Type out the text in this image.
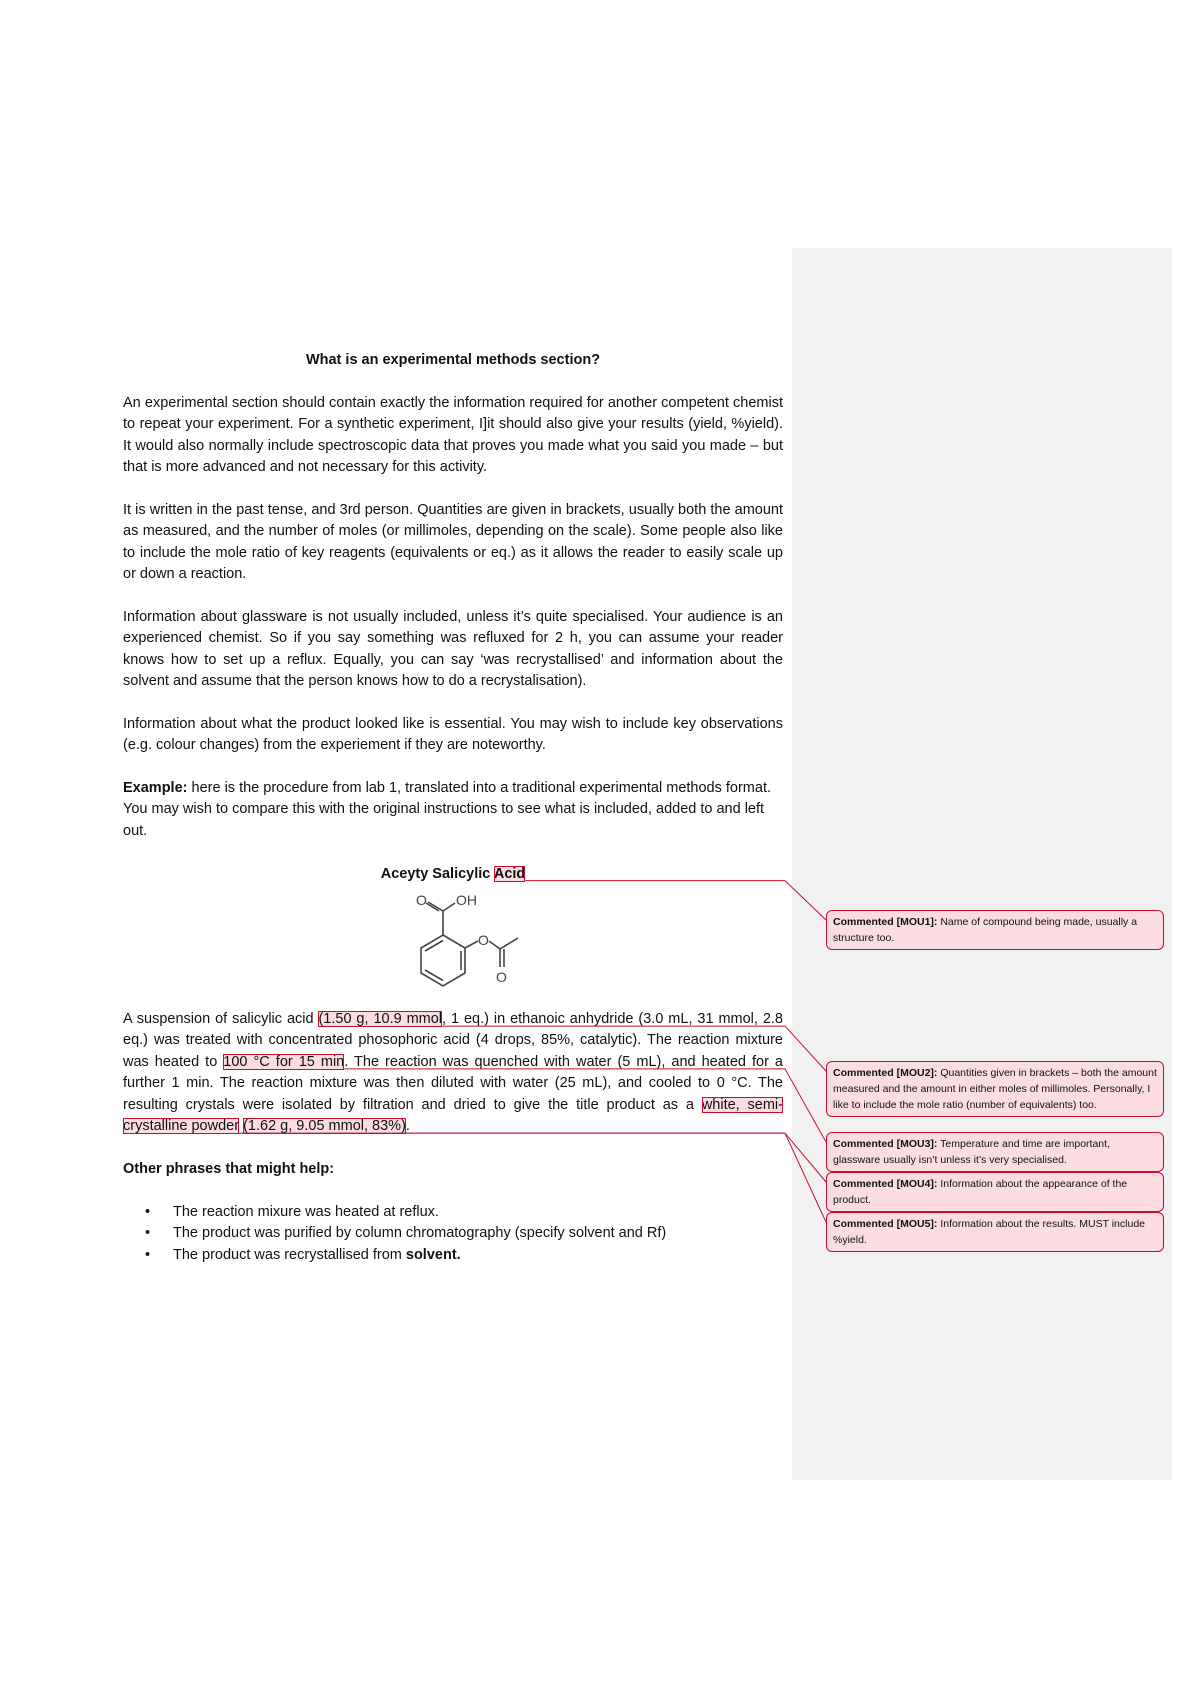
What is an experimental methods section?

An experimental section should contain exactly the information required for another competent chemist to repeat your experiment. For a synthetic experiment, I]it should also give your results (yield, %yield). It would also normally include spectroscopic data that proves you made what you said you made – but that is more advanced and not necessary for this activity.

It is written in the past tense, and 3rd person. Quantities are given in brackets, usually both the amount as measured, and the number of moles (or millimoles, depending on the scale). Some people also like to include the mole ratio of key reagents (equivalents or eq.) as it allows the reader to easily scale up or down a reaction.

Information about glassware is not usually included, unless it’s quite specialised. Your audience is an experienced chemist. So if you say something was refluxed for 2 h, you can assume your reader knows how to set up a reflux. Equally, you can say ‘was recrystallised’ and information about the solvent and assume that the person knows how to do a recrystalisation).

Information about what the product looked like is essential. You may wish to include key observations (e.g. colour changes) from the experiement if they are noteworthy.

Example: here is the procedure from lab 1, translated into a traditional experimental methods format. You may wish to compare this with the original instructions to see what is included, added to and left out.

Aceyty Salicylic Acid
O OH
O
O

A suspension of salicylic acid (1.50 g, 10.9 mmol, 1 eq.) in ethanoic anhydride (3.0 mL, 31 mmol, 2.8 eq.) was treated with concentrated phosophoric acid (4 drops, 85%, catalytic). The reaction mixture was heated to 100 °C for 15 min. The reaction was quenched with water (5 mL), and heated for a further 1 min. The reaction mixture was then diluted with water (25 mL), and cooled to 0 °C. The resulting crystals were isolated by filtration and dried to give the title product as a white, semi-crystalline powder (1.62 g, 9.05 mmol, 83%).

Other phrases that might help:

• The reaction mixure was heated at reflux.
• The product was purified by column chromatography (specify solvent and Rf)
• The product was recrystallised from solvent.
Commented [MOU1]: Name of compound being made, usually a structure too.
Commented [MOU2]: Quantities given in brackets – both the amount measured and the amount in either moles of millimoles. Personally, I like to include the mole ratio (number of equivalents) too.
Commented [MOU3]: Temperature and time are important, glassware usually isn’t unless it’s very specialised.
Commented [MOU4]: Information about the appearance of the product.
Commented [MOU5]: Information about the results. MUST include %yield.
